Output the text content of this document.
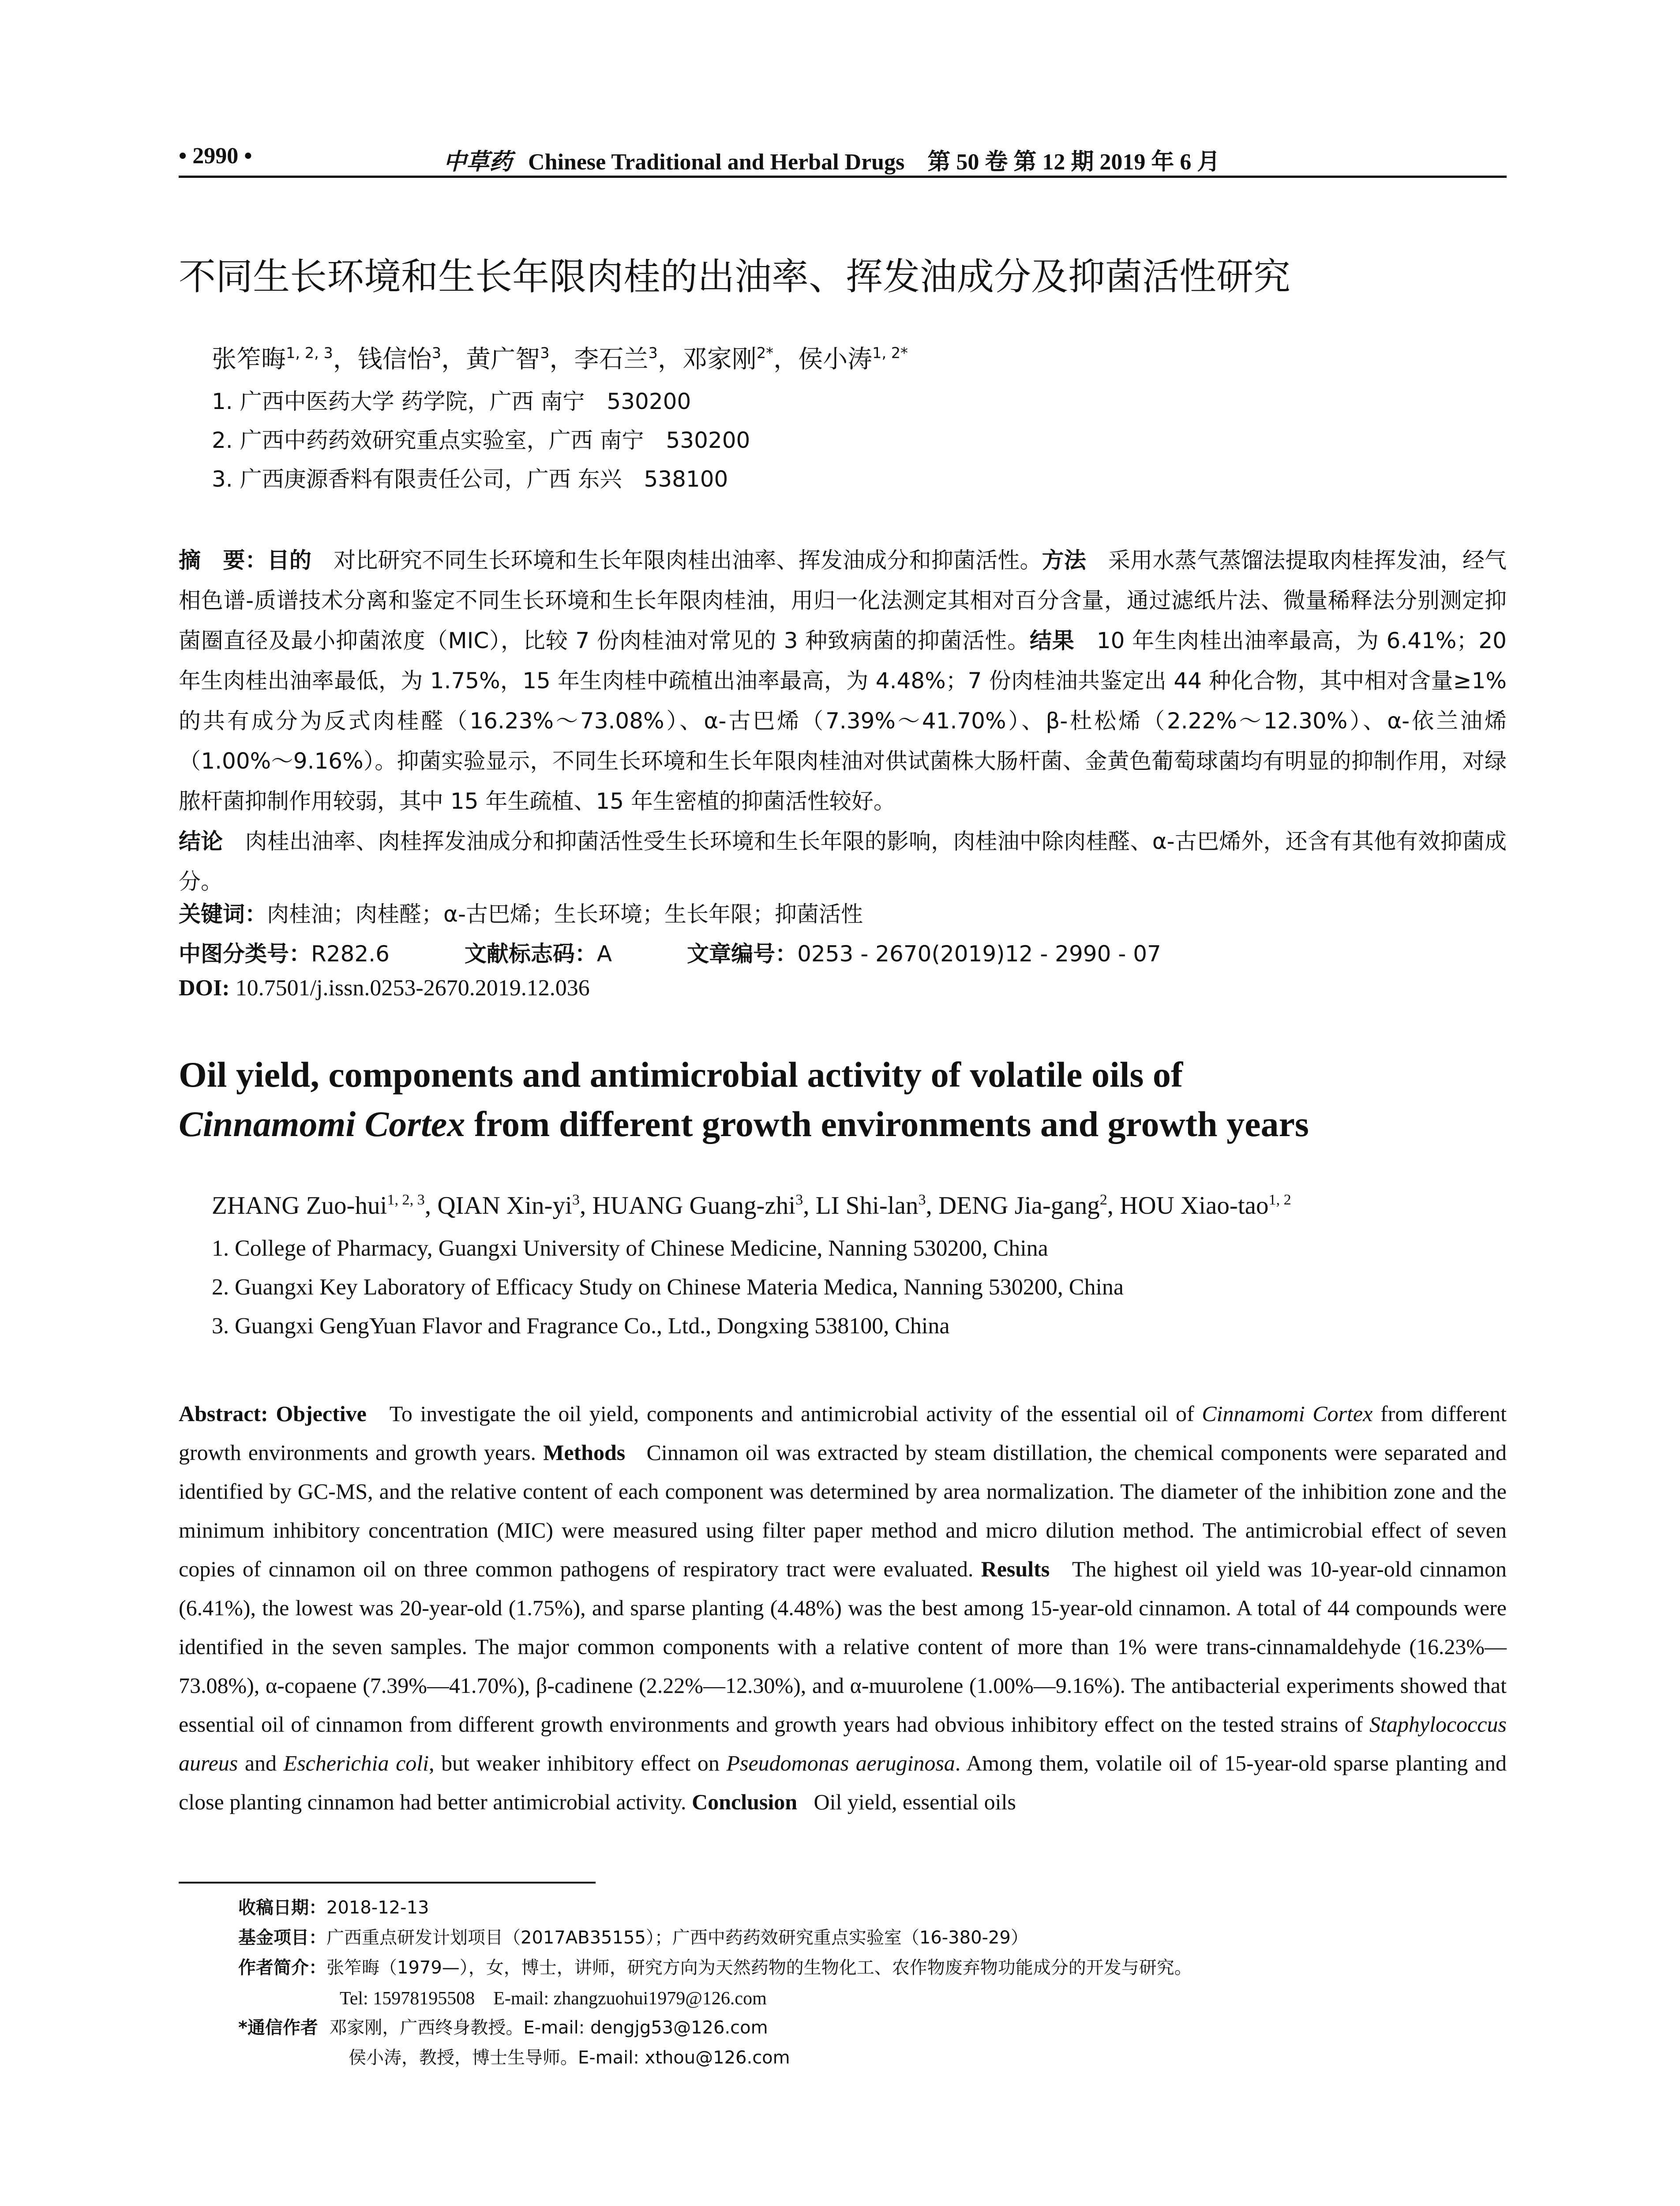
• 2990 •	中草药 Chinese Traditional and Herbal Drugs 第 50 卷 第 12 期 2019 年 6 月
不同生长环境和生长年限肉桂的出油率、挥发油成分及抑菌活性研究
张笮晦$^{1, 2, 3}$，钱信怡$^3$，黄广智$^3$，李石兰$^3$，邓家刚$^{2*}$，侯小涛$^{1, 2*}$
1. 广西中医药大学 药学院，广西 南宁　530200
2. 广西中药药效研究重点实验室，广西 南宁　530200
3. 广西庚源香料有限责任公司，广西 东兴　538100
摘　要：目的 对比研究不同生长环境和生长年限肉桂出油率、挥发油成分和抑菌活性。方法 采用水蒸气蒸馏法提取肉桂挥发油，经气相色谱-质谱技术分离和鉴定不同生长环境和生长年限肉桂油，用归一化法测定其相对百分含量，通过滤纸片法、微量稀释法分别测定抑菌圈直径及最小抑菌浓度（MIC），比较 7 份肉桂油对常见的 3 种致病菌的抑菌活性。结果 10 年生肉桂出油率最高，为 6.41%；20 年生肉桂出油率最低，为 1.75%，15 年生肉桂中疏植出油率最高，为 4.48%；7 份肉桂油共鉴定出 44 种化合物，其中相对含量≥1%的共有成分为反式肉桂醛（16.23%～73.08%）、α-古巴烯（7.39%～41.70%）、β-杜松烯（2.22%～12.30%）、α-依兰油烯（1.00%～9.16%）。抑菌实验显示，不同生长环境和生长年限肉桂油对供试菌株大肠杆菌、金黄色葡萄球菌均有明显的抑制作用，对绿脓杆菌抑制作用较弱，其中 15 年生疏植、15 年生密植的抑菌活性较好。
结论 肉桂出油率、肉桂挥发油成分和抑菌活性受生长环境和生长年限的影响，肉桂油中除肉桂醛、α-古巴烯外，还含有其他有效抑菌成分。
关键词：肉桂油；肉桂醛；α-古巴烯；生长环境；生长年限；抑菌活性
中图分类号：R282.6	文献标志码：A	文章编号：0253 - 2670(2019)12 - 2990 - 07
DOI: 10.7501/j.issn.0253-2670.2019.12.036
Oil yield, components and antimicrobial activity of volatile oils of
Cinnamomi Cortex from different growth environments and growth years
ZHANG Zuo-hui$^{1, 2, 3}$, QIAN Xin-$yi^3$, HUANG Guang-zhi$^3$, LI Shi-lan$^3$, DENG Jia-gang$^2$, HOU Xiao-tao$^{1, 2}$
1. College of Pharmacy, Guangxi University of Chinese Medicine, Nanning 530200, China
2. Guangxi Key Laboratory of Efficacy Study on Chinese Materia Medica, Nanning 530200, China
3. Guangxi GengYuan Flavor and Fragrance Co., Ltd., Dongxing 538100, China
Abstract: Objective To investigate the oil yield, components and antimicrobial activity of the essential oil of Cinnamomi Cortex from different growth environments and growth years. Methods Cinnamon oil was extracted by steam distillation, the chemical components were separated and identified by GC-MS, and the relative content of each component was determined by area normalization. The diameter of the inhibition zone and the minimum inhibitory concentration (MIC) were measured using filter paper method and micro dilution method. The antimicrobial effect of seven copies of cinnamon oil on three common pathogens of respiratory tract were evaluated. Results The highest oil yield was 10-year-old cinnamon (6.41%), the lowest was 20-year-old (1.75%), and sparse planting (4.48%) was the best among 15-year-old cinnamon. A total of 44 compounds were identified in the seven samples. The major common components with a relative content of more than 1% were trans-cinnamaldehyde (16.23%—73.08%), α-copaene (7.39%—41.70%), β-cadinene (2.22%—12.30%), and α-muurolene (1.00%—9.16%). The antibacterial experiments showed that essential oil of cinnamon from different growth environments and growth years had obvious inhibitory effect on the tested strains of Staphylococcus aureus and Escherichia coli, but weaker inhibitory effect on Pseudomonas aeruginosa. Among them, volatile oil of 15-year-old sparse planting and close planting cinnamon had better antimicrobial activity. Conclusion Oil yield, essential oils
收稿日期：2018-12-13
基金项目：广西重点研发计划项目（2017AB35155）；广西中药药效研究重点实验室（16-380-29）
作者简介：张笮晦（1979—），女，博士，讲师，研究方向为天然药物的生物化工、农作物废弃物功能成分的开发与研究。
Tel: 15978195508　E-mail: zhangzuohui1979@126.com
*通信作者 邓家刚，广西终身教授。E-mail: dengjg53@126.com
侯小涛，教授，博士生导师。E-mail: xthou@126.com
